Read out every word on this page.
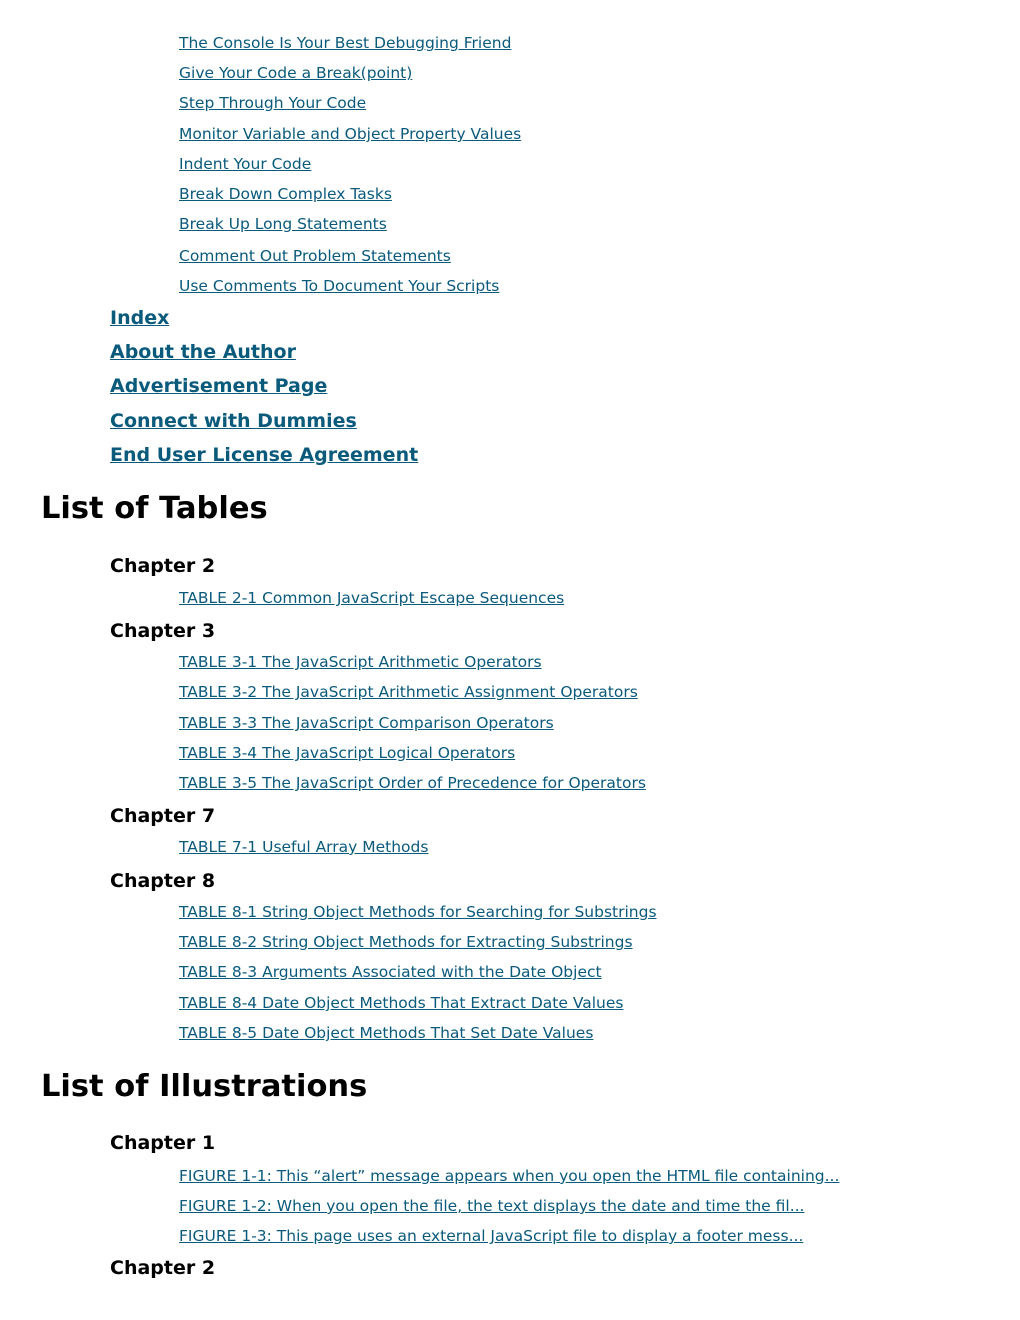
The Console Is Your Best Debugging Friend
Give Your Code a Break(point)
Step Through Your Code
Monitor Variable and Object Property Values
Indent Your Code
Break Down Complex Tasks
Break Up Long Statements
Comment Out Problem Statements
Use Comments To Document Your Scripts
Index
About the Author
Advertisement Page
Connect with Dummies
End User License Agreement
List of Tables
Chapter 2
TABLE 2-1 Common JavaScript Escape Sequences
Chapter 3
TABLE 3-1 The JavaScript Arithmetic Operators
TABLE 3-2 The JavaScript Arithmetic Assignment Operators
TABLE 3-3 The JavaScript Comparison Operators
TABLE 3-4 The JavaScript Logical Operators
TABLE 3-5 The JavaScript Order of Precedence for Operators
Chapter 7
TABLE 7-1 Useful Array Methods
Chapter 8
TABLE 8-1 String Object Methods for Searching for Substrings
TABLE 8-2 String Object Methods for Extracting Substrings
TABLE 8-3 Arguments Associated with the Date Object
TABLE 8-4 Date Object Methods That Extract Date Values
TABLE 8-5 Date Object Methods That Set Date Values
List of Illustrations
Chapter 1
FIGURE 1-1: This “alert” message appears when you open the HTML file containing...
FIGURE 1-2: When you open the file, the text displays the date and time the fil...
FIGURE 1-3: This page uses an external JavaScript file to display a footer mess...
Chapter 2
